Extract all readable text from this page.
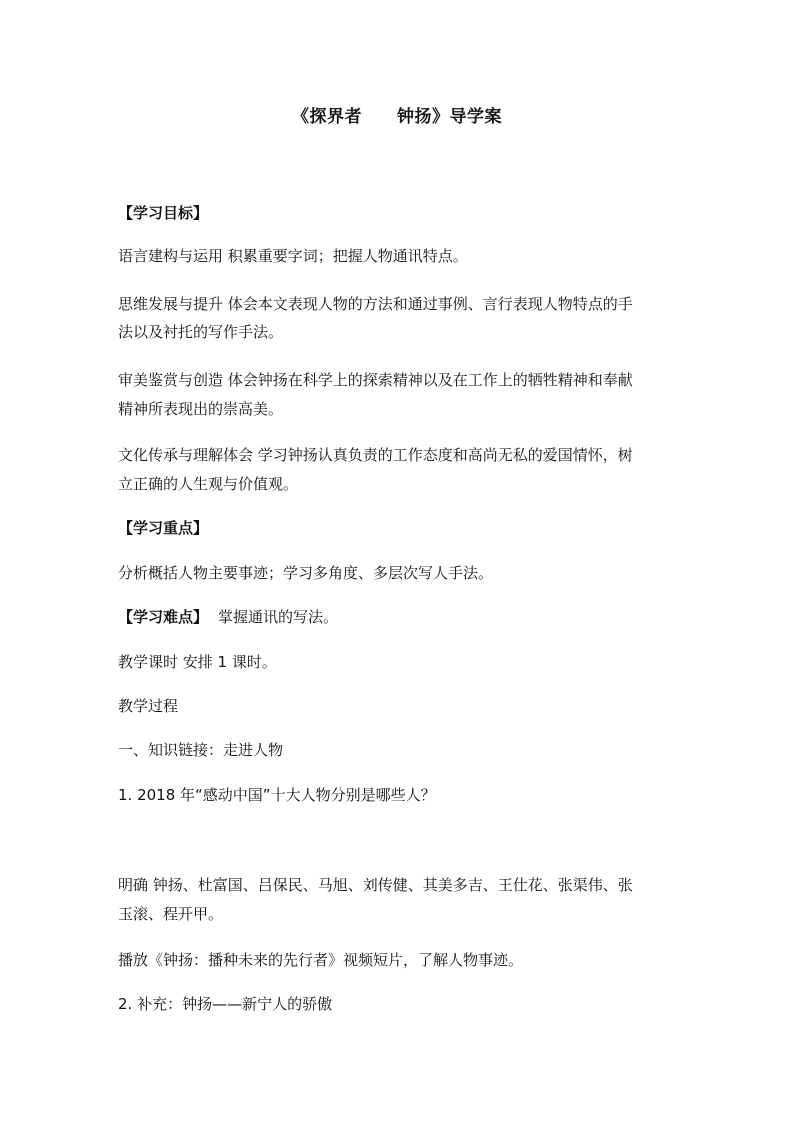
《探界者　　钟扬》导学案
【学习目标】
语言建构与运用 积累重要字词；把握人物通讯特点。
思维发展与提升 体会本文表现人物的方法和通过事例、言行表现人物特点的手
法以及衬托的写作手法。
审美鉴赏与创造 体会钟扬在科学上的探索精神以及在工作上的牺牲精神和奉献
精神所表现出的崇高美。
文化传承与理解体会 学习钟扬认真负责的工作态度和高尚无私的爱国情怀，树
立正确的人生观与价值观。
【学习重点】
分析概括人物主要事迹；学习多角度、多层次写人手法。
【学习难点】 掌握通讯的写法。
教学课时 安排 1 课时。
教学过程
一、知识链接：走进人物
1. 2018 年“感动中国”十大人物分别是哪些人？
明确 钟扬、杜富国、吕保民、马旭、刘传健、其美多吉、王仕花、张渠伟、张
玉滚、程开甲。
播放《钟扬：播种未来的先行者》视频短片，了解人物事迹。
2. 补充：钟扬——新宁人的骄傲
